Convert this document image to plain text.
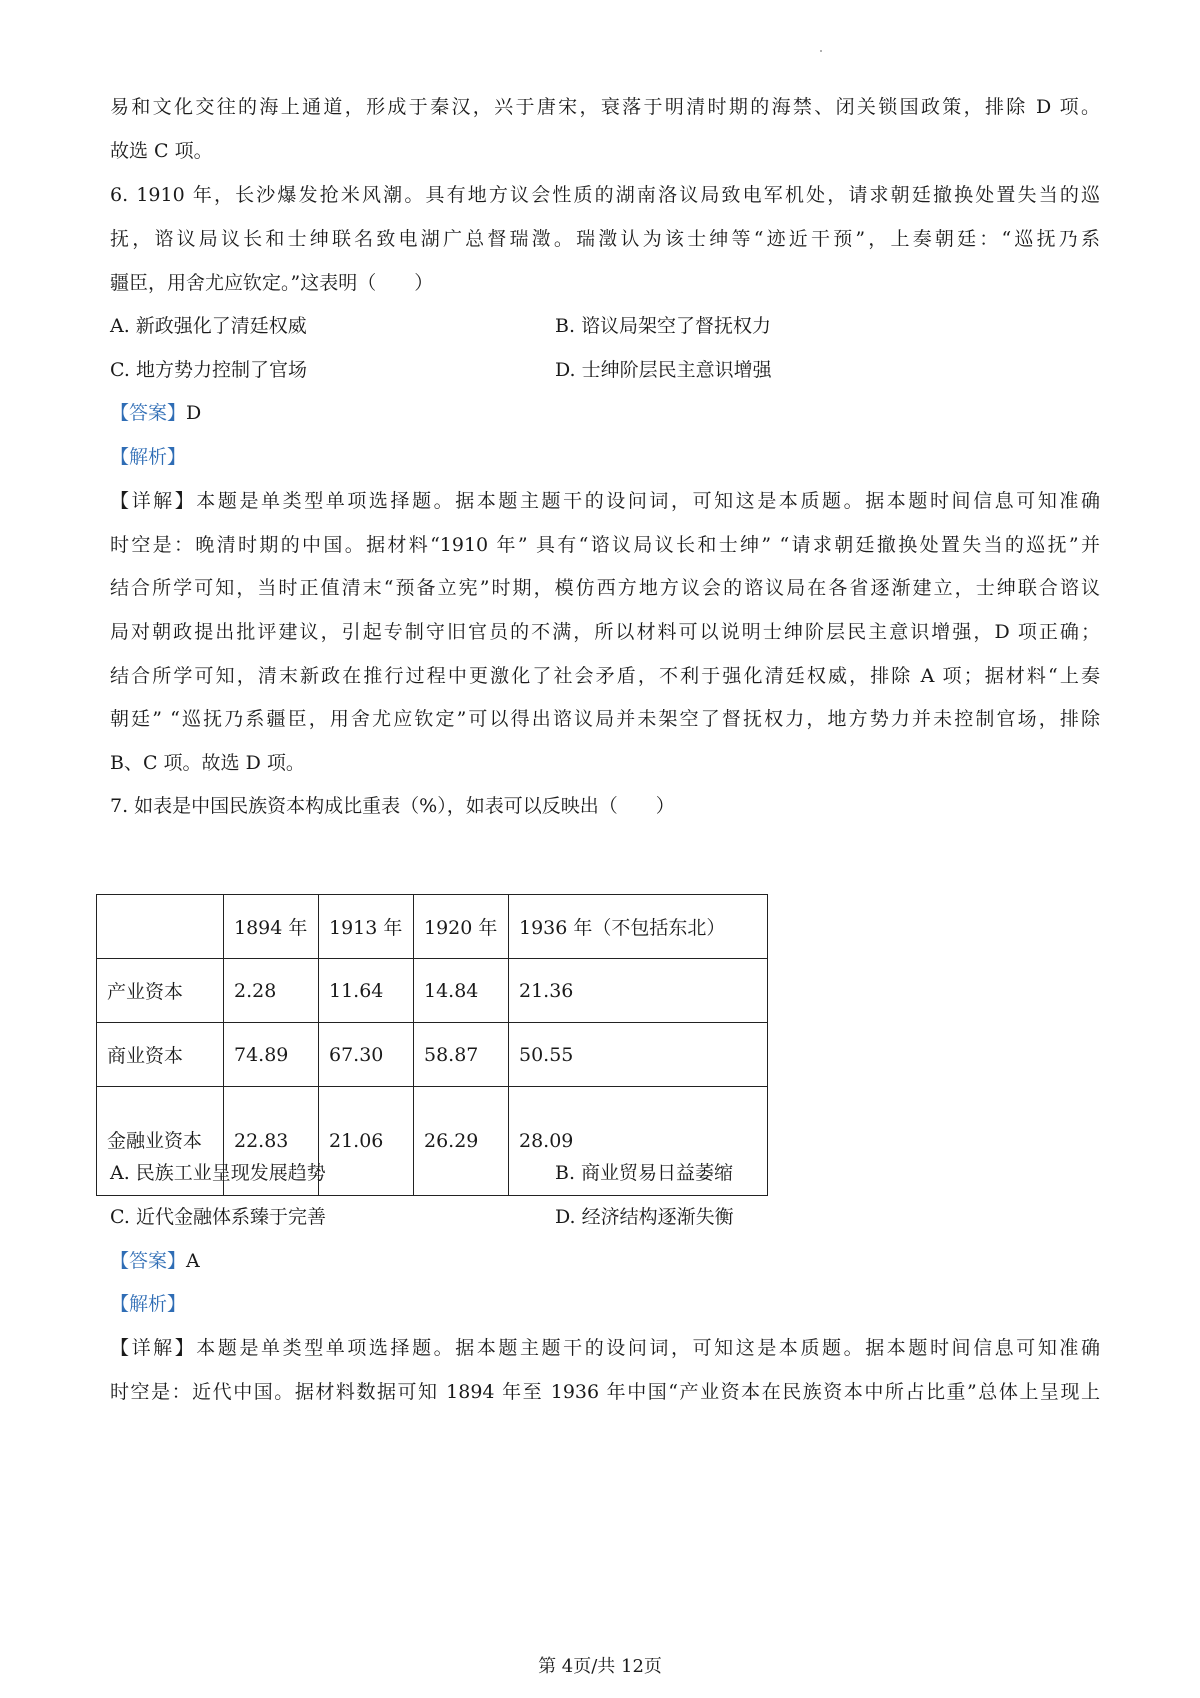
易和文化交往的海上通道，形成于秦汉，兴于唐宋，衰落于明清时期的海禁、闭关锁国政策，排除 D 项。
故选 C 项。
6. 1910 年，长沙爆发抢米风潮。具有地方议会性质的湖南洛议局致电军机处，请求朝廷撤换处置失当的巡
抚，谘议局议长和士绅联名致电湖广总督瑞澂。瑞澂认为该士绅等“迹近干预”，上奏朝廷：“巡抚乃系
疆臣，用舍尤应钦定。”这表明（　　）
A. 新政强化了清廷权威	B. 谘议局架空了督抚权力
C. 地方势力控制了官场	D. 士绅阶层民主意识增强
【答案】D
【解析】
【详解】本题是单类型单项选择题。据本题主题干的设问词，可知这是本质题。据本题时间信息可知准确
时空是：晚清时期的中国。据材料“1910 年” 具有“谘议局议长和士绅” “请求朝廷撤换处置失当的巡抚”并
结合所学可知，当时正值清末“预备立宪”时期，模仿西方地方议会的谘议局在各省逐渐建立，士绅联合谘议
局对朝政提出批评建议，引起专制守旧官员的不满，所以材料可以说明士绅阶层民主意识增强，D 项正确；
结合所学可知，清末新政在推行过程中更激化了社会矛盾，不利于强化清廷权威，排除 A 项；据材料“上奏
朝廷” “巡抚乃系疆臣，用舍尤应钦定”可以得出谘议局并未架空了督抚权力，地方势力并未控制官场，排除
B、C 项。故选 D 项。
7. 如表是中国民族资本构成比重表（%），如表可以反映出（　　）
	1894 年	1913 年	1920 年	1936 年（不包括东北）
产业资本	2.28	11.64	14.84	21.36
商业资本	74.89	67.30	58.87	50.55
金融业资本	22.83	21.06	26.29	28.09
A. 民族工业呈现发展趋势	B. 商业贸易日益萎缩
C. 近代金融体系臻于完善	D. 经济结构逐渐失衡
【答案】A
【解析】
【详解】本题是单类型单项选择题。据本题主题干的设问词，可知这是本质题。据本题时间信息可知准确
时空是：近代中国。据材料数据可知 1894 年至 1936 年中国“产业资本在民族资本中所占比重”总体上呈现上
第 4页/共 12页
